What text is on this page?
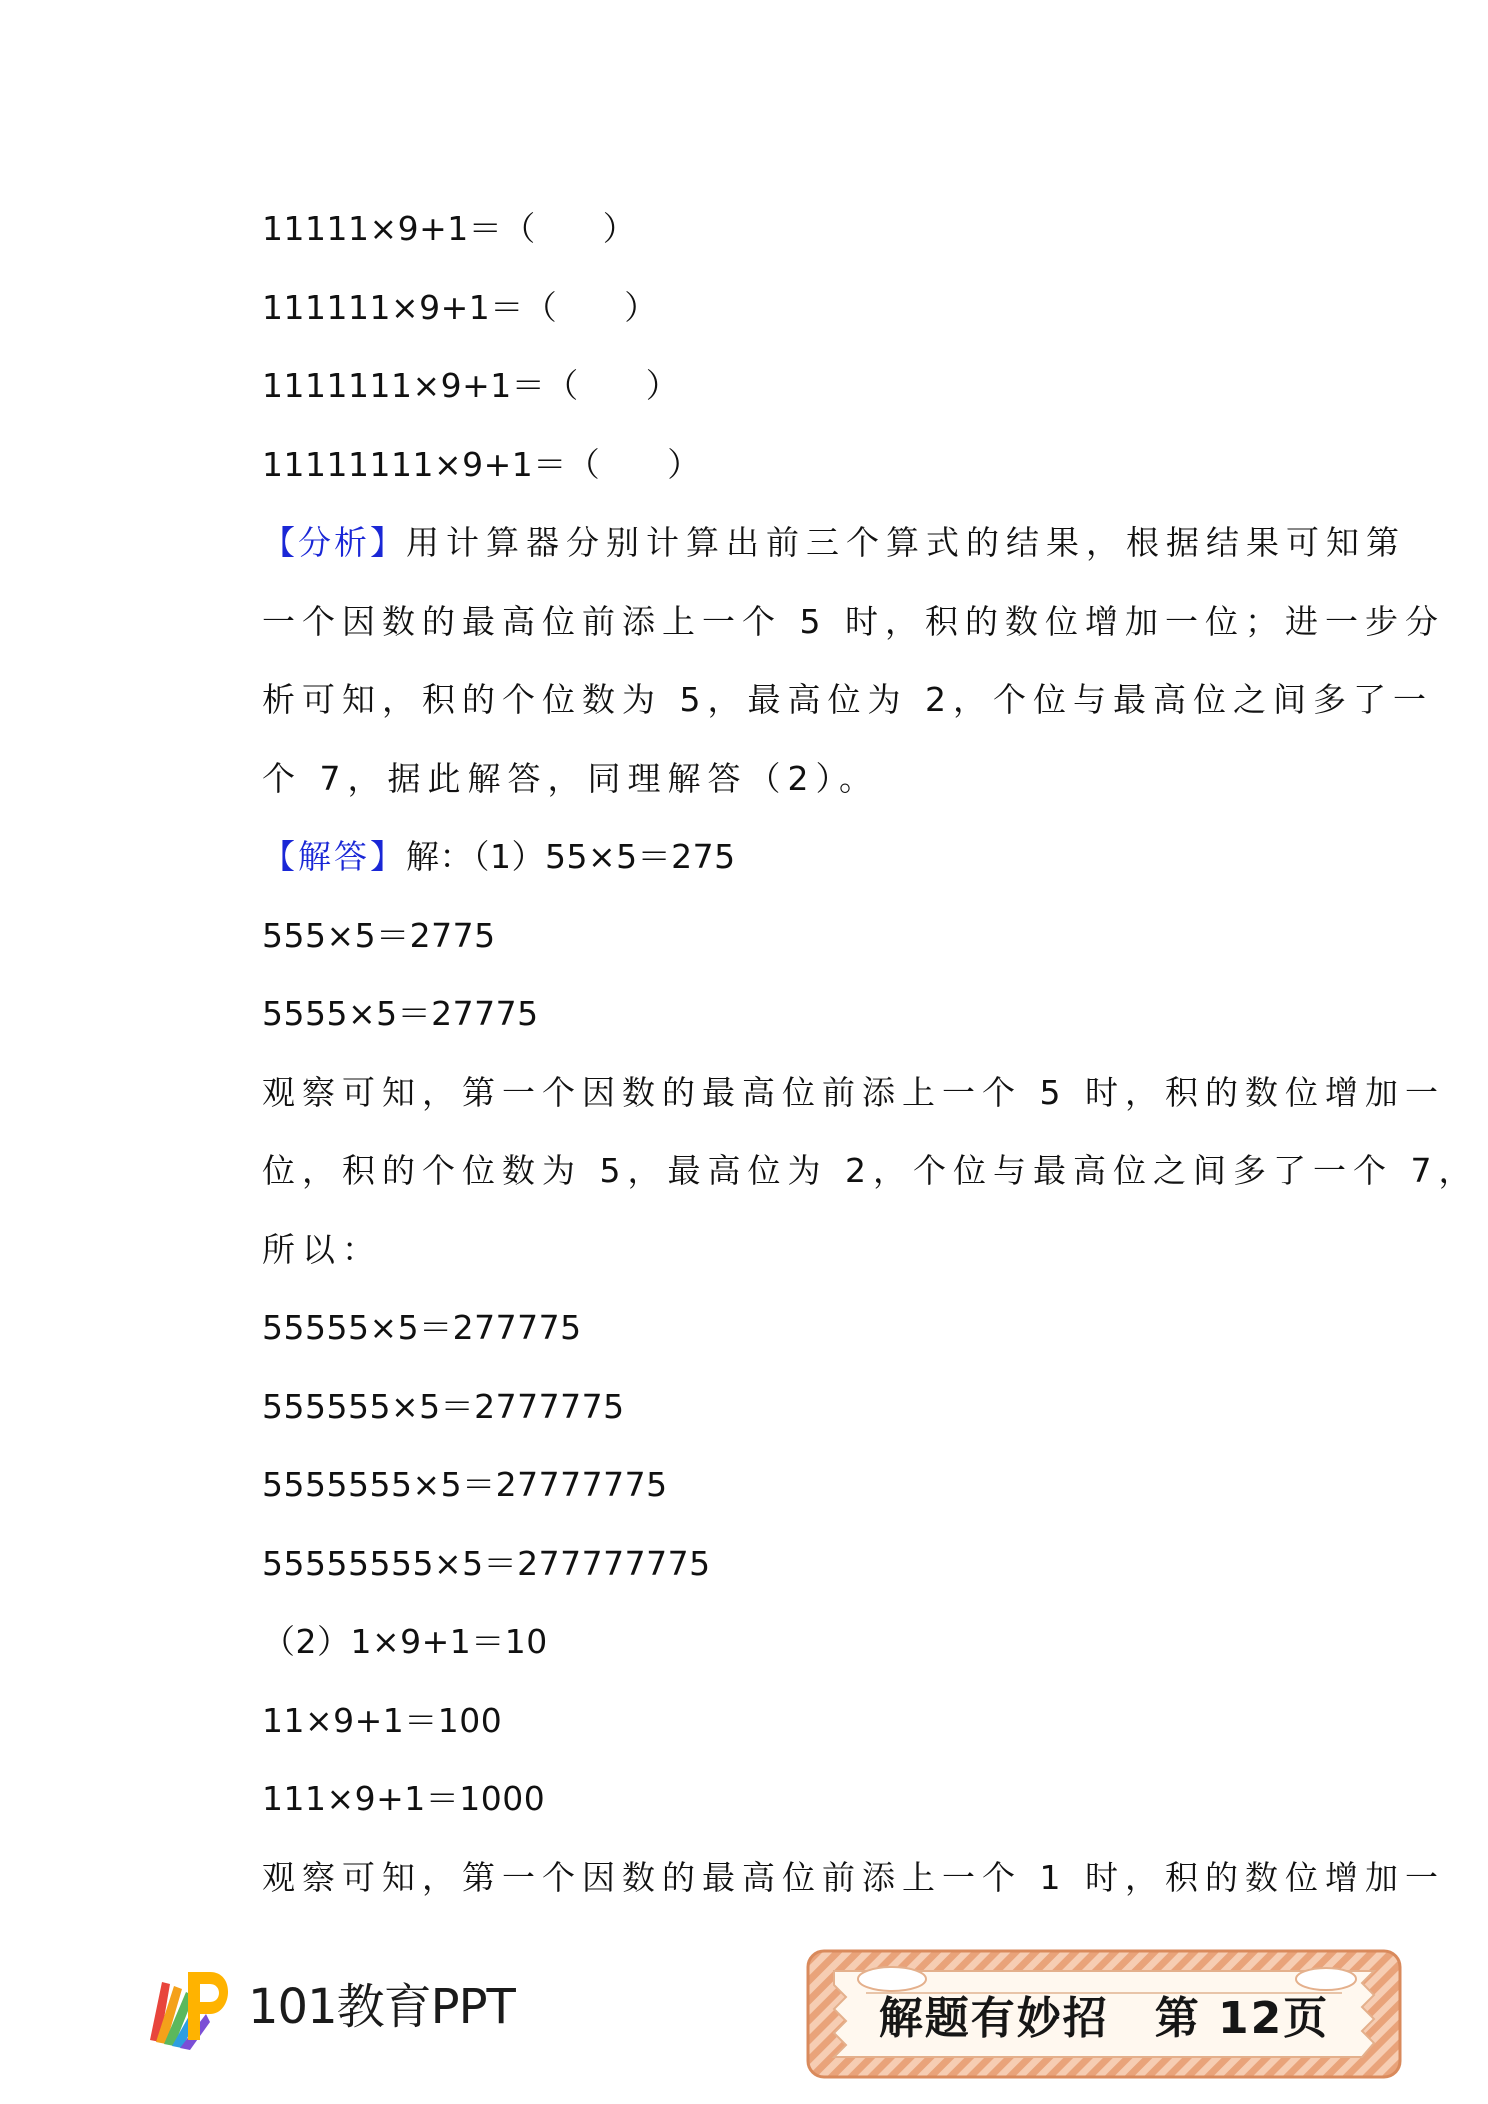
11111×9+1＝（　　）
111111×9+1＝（　　）
1111111×9+1＝（　　）
11111111×9+1＝（　　）
【分析】用计算器分别计算出前三个算式的结果，根据结果可知第
一个因数的最高位前添上一个 5 时，积的数位增加一位；进一步分
析可知，积的个位数为 5，最高位为 2，个位与最高位之间多了一
个 7，据此解答，同理解答（2）。
【解答】解：（1）55×5＝275
555×5＝2775
5555×5＝27775
观察可知，第一个因数的最高位前添上一个 5 时，积的数位增加一
位，积的个位数为 5，最高位为 2，个位与最高位之间多了一个 7，
所以：
55555×5＝277775
555555×5＝2777775
5555555×5＝27777775
55555555×5＝277777775
（2）1×9+1＝10
11×9+1＝100
111×9+1＝1000
观察可知，第一个因数的最高位前添上一个 1 时，积的数位增加一
101教育PPT	解题有妙招 第 12页
